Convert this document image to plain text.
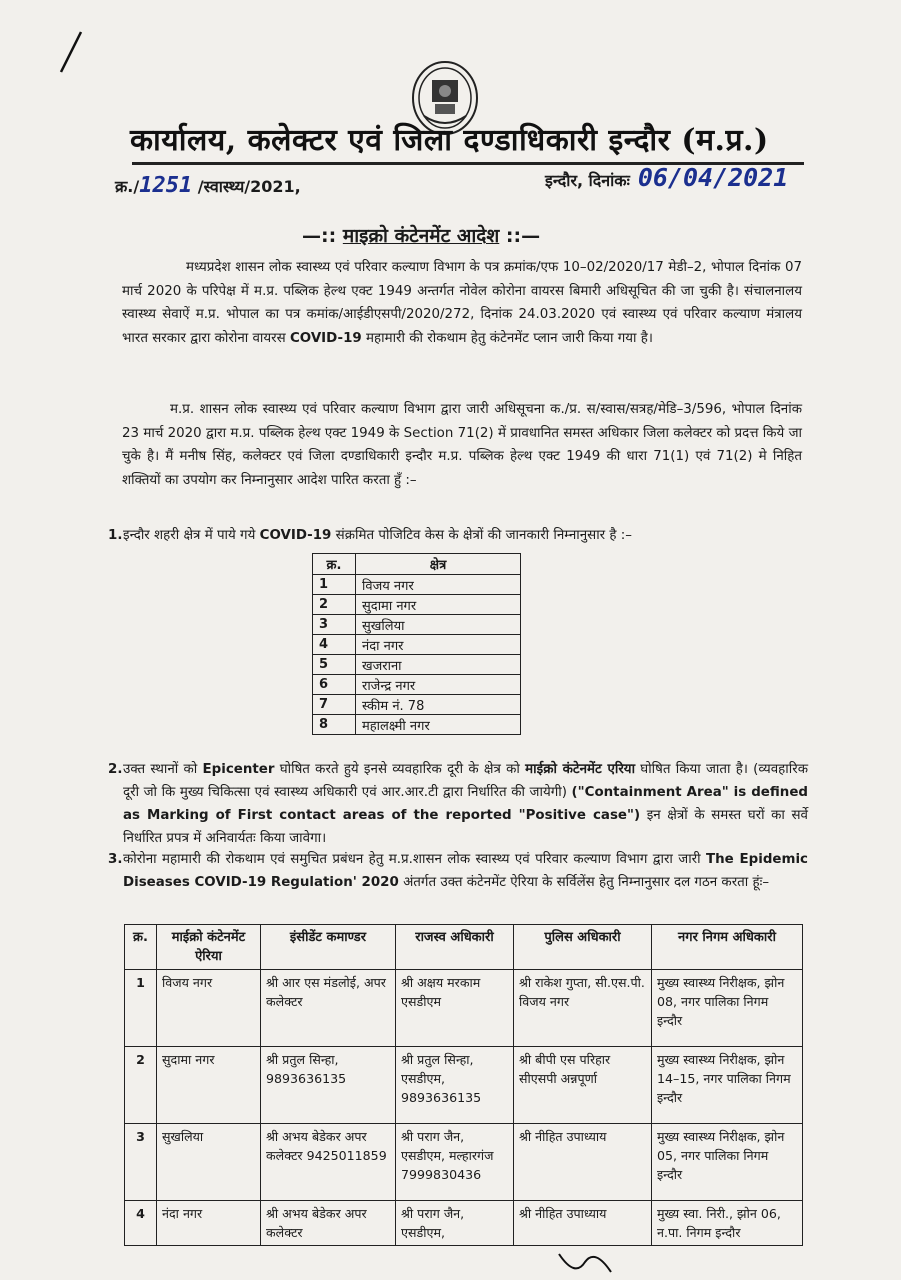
कार्यालय, कलेक्टर एवं जिला दण्डाधिकारी इन्दौर (म.प्र.)
क्र./1251 /स्वास्थ्य/2021,	इन्दौर, दिनांकः 06/04/2021
—:: माइक्रो कंटेनमेंट आदेश ::—
मध्यप्रदेश शासन लोक स्वास्थ्य एवं परिवार कल्याण विभाग के पत्र क्रमांक/एफ 10–02/2020/17 मेडी–2, भोपाल दिनांक 07 मार्च 2020 के परिपेक्ष में म.प्र. पब्लिक हेल्थ एक्ट 1949 अन्तर्गत नोवेल कोरोना वायरस बिमारी अधिसूचित की जा चुकी है। संचालनालय स्वास्थ्य सेवाऐं म.प्र. भोपाल का पत्र कमांक/आईडीएसपी/2020/272, दिनांक 24.03.2020 एवं स्वास्थ्य एवं परिवार कल्याण मंत्रालय भारत सरकार द्वारा कोरोना वायरस COVID-19 महामारी की रोकथाम हेतु कंटेनमेंट प्लान जारी किया गया है।
म.प्र. शासन लोक स्वास्थ्य एवं परिवार कल्याण विभाग द्वारा जारी अधिसूचना क./प्र. स/स्वास/सत्रह/मेडि–3/596, भोपाल दिनांक 23 मार्च 2020 द्वारा म.प्र. पब्लिक हेल्थ एक्ट 1949 के Section 71(2) में प्रावधानित समस्त अधिकार जिला कलेक्टर को प्रदत्त किये जा चुके है। मैं मनीष सिंह, कलेक्टर एवं जिला दण्डाधिकारी इन्दौर म.प्र. पब्लिक हेल्थ एक्ट 1949 की धारा 71(1) एवं 71(2) मे निहित शक्तियों का उपयोग कर निम्नानुसार आदेश पारित करता हुँ :–
1. इन्दौर शहरी क्षेत्र में पाये गये COVID-19 संक्रमित पोजिटिव केस के क्षेत्रों की जानकारी निम्नानुसार है :–
क्र.	क्षेत्र
1	विजय नगर
2	सुदामा नगर
3	सुखलिया
4	नंदा नगर
5	खजराना
6	राजेन्द्र नगर
7	स्कीम नं. 78
8	महालक्ष्मी नगर
2. उक्त स्थानों को Epicenter घोषित करते हुये इनसे व्यवहारिक दूरी के क्षेत्र को माईक्रो कंटेनमेंट एरिया घोषित किया जाता है। (व्यवहारिक दूरी जो कि मुख्य चिकित्सा एवं स्वास्थ्य अधिकारी एवं आर.आर.टी द्वारा निर्धारित की जायेगी) ("Containment Area" is defined as Marking of First contact areas of the reported "Positive case") इन क्षेत्रों के समस्त घरों का सर्वे निर्धारित प्रपत्र में अनिवार्यतः किया जावेगा।
3. कोरोना महामारी की रोकथाम एवं समुचित प्रबंधन हेतु म.प्र.शासन लोक स्वास्थ्य एवं परिवार कल्याण विभाग द्वारा जारी The Epidemic Diseases COVID-19 Regulation' 2020 अंतर्गत उक्त कंटेनमेंट ऐरिया के सर्विलेंस हेतु निम्नानुसार दल गठन करता हूंः–
क्र.	माईक्रो कंटेनमेंट ऐरिया	इंसीडेंट कमाण्डर	राजस्व अधिकारी	पुलिस अधिकारी	नगर निगम अधिकारी
1	विजय नगर	श्री आर एस मंडलोई, अपर कलेक्टर	श्री अक्षय मरकाम एसडीएम	श्री राकेश गुप्ता, सी.एस.पी. विजय नगर	मुख्य स्वास्थ्य निरीक्षक, झोन 08, नगर पालिका निगम इन्दौर
2	सुदामा नगर	श्री प्रतुल सिन्हा, 9893636135	श्री प्रतुल सिन्हा, एसडीएम, 9893636135	श्री बीपी एस परिहार सीएसपी अन्नपूर्णा	मुख्य स्वास्थ्य निरीक्षक, झोन 14–15, नगर पालिका निगम इन्दौर
3	सुखलिया	श्री अभय बेडेकर अपर कलेक्टर 9425011859	श्री पराग जैन, एसडीएम, मल्हारगंज 7999830436	श्री नीहित उपाध्याय	मुख्य स्वास्थ्य निरीक्षक, झोन 05, नगर पालिका निगम इन्दौर
4	नंदा नगर	श्री अभय बेडेकर अपर कलेक्टर	श्री पराग जैन, एसडीएम,	श्री नीहित उपाध्याय	मुख्य स्वा. निरी., झोन 06, न.पा. निगम इन्दौर
